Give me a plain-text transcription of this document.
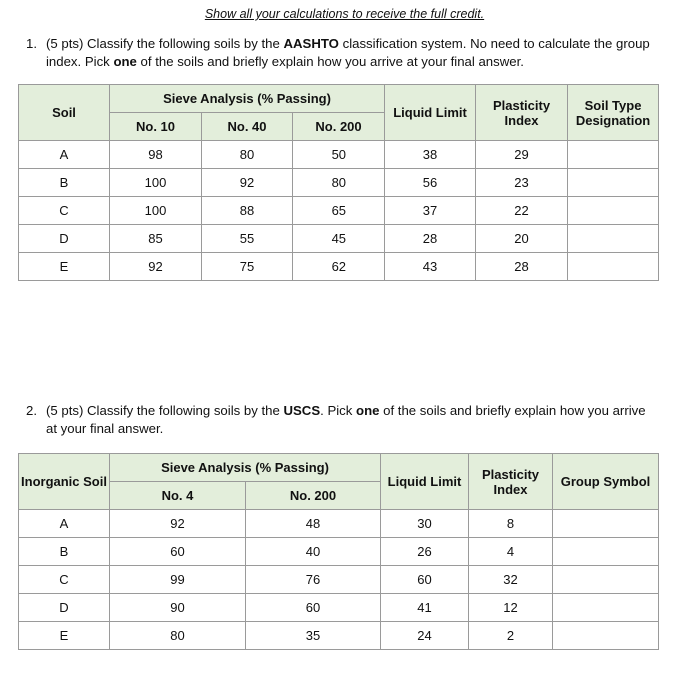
Show all your calculations to receive the full credit.
1. (5 pts) Classify the following soils by the AASHTO classification system. No need to calculate the group index. Pick one of the soils and briefly explain how you arrive at your final answer.
Soil	Sieve Analysis (% Passing)			Liquid Limit	Plasticity Index	Soil Type Designation
	No. 10	No. 40	No. 200			
A	98	80	50	38	29	
B	100	92	80	56	23	
C	100	88	65	37	22	
D	85	55	45	28	20	
E	92	75	62	43	28	
2. (5 pts) Classify the following soils by the USCS. Pick one of the soils and briefly explain how you arrive at your final answer.
Inorganic Soil	Sieve Analysis (% Passing)		Liquid Limit	Plasticity Index	Group Symbol
	No. 4	No. 200			
A	92	48	30	8	
B	60	40	26	4	
C	99	76	60	32	
D	90	60	41	12	
E	80	35	24	2	
